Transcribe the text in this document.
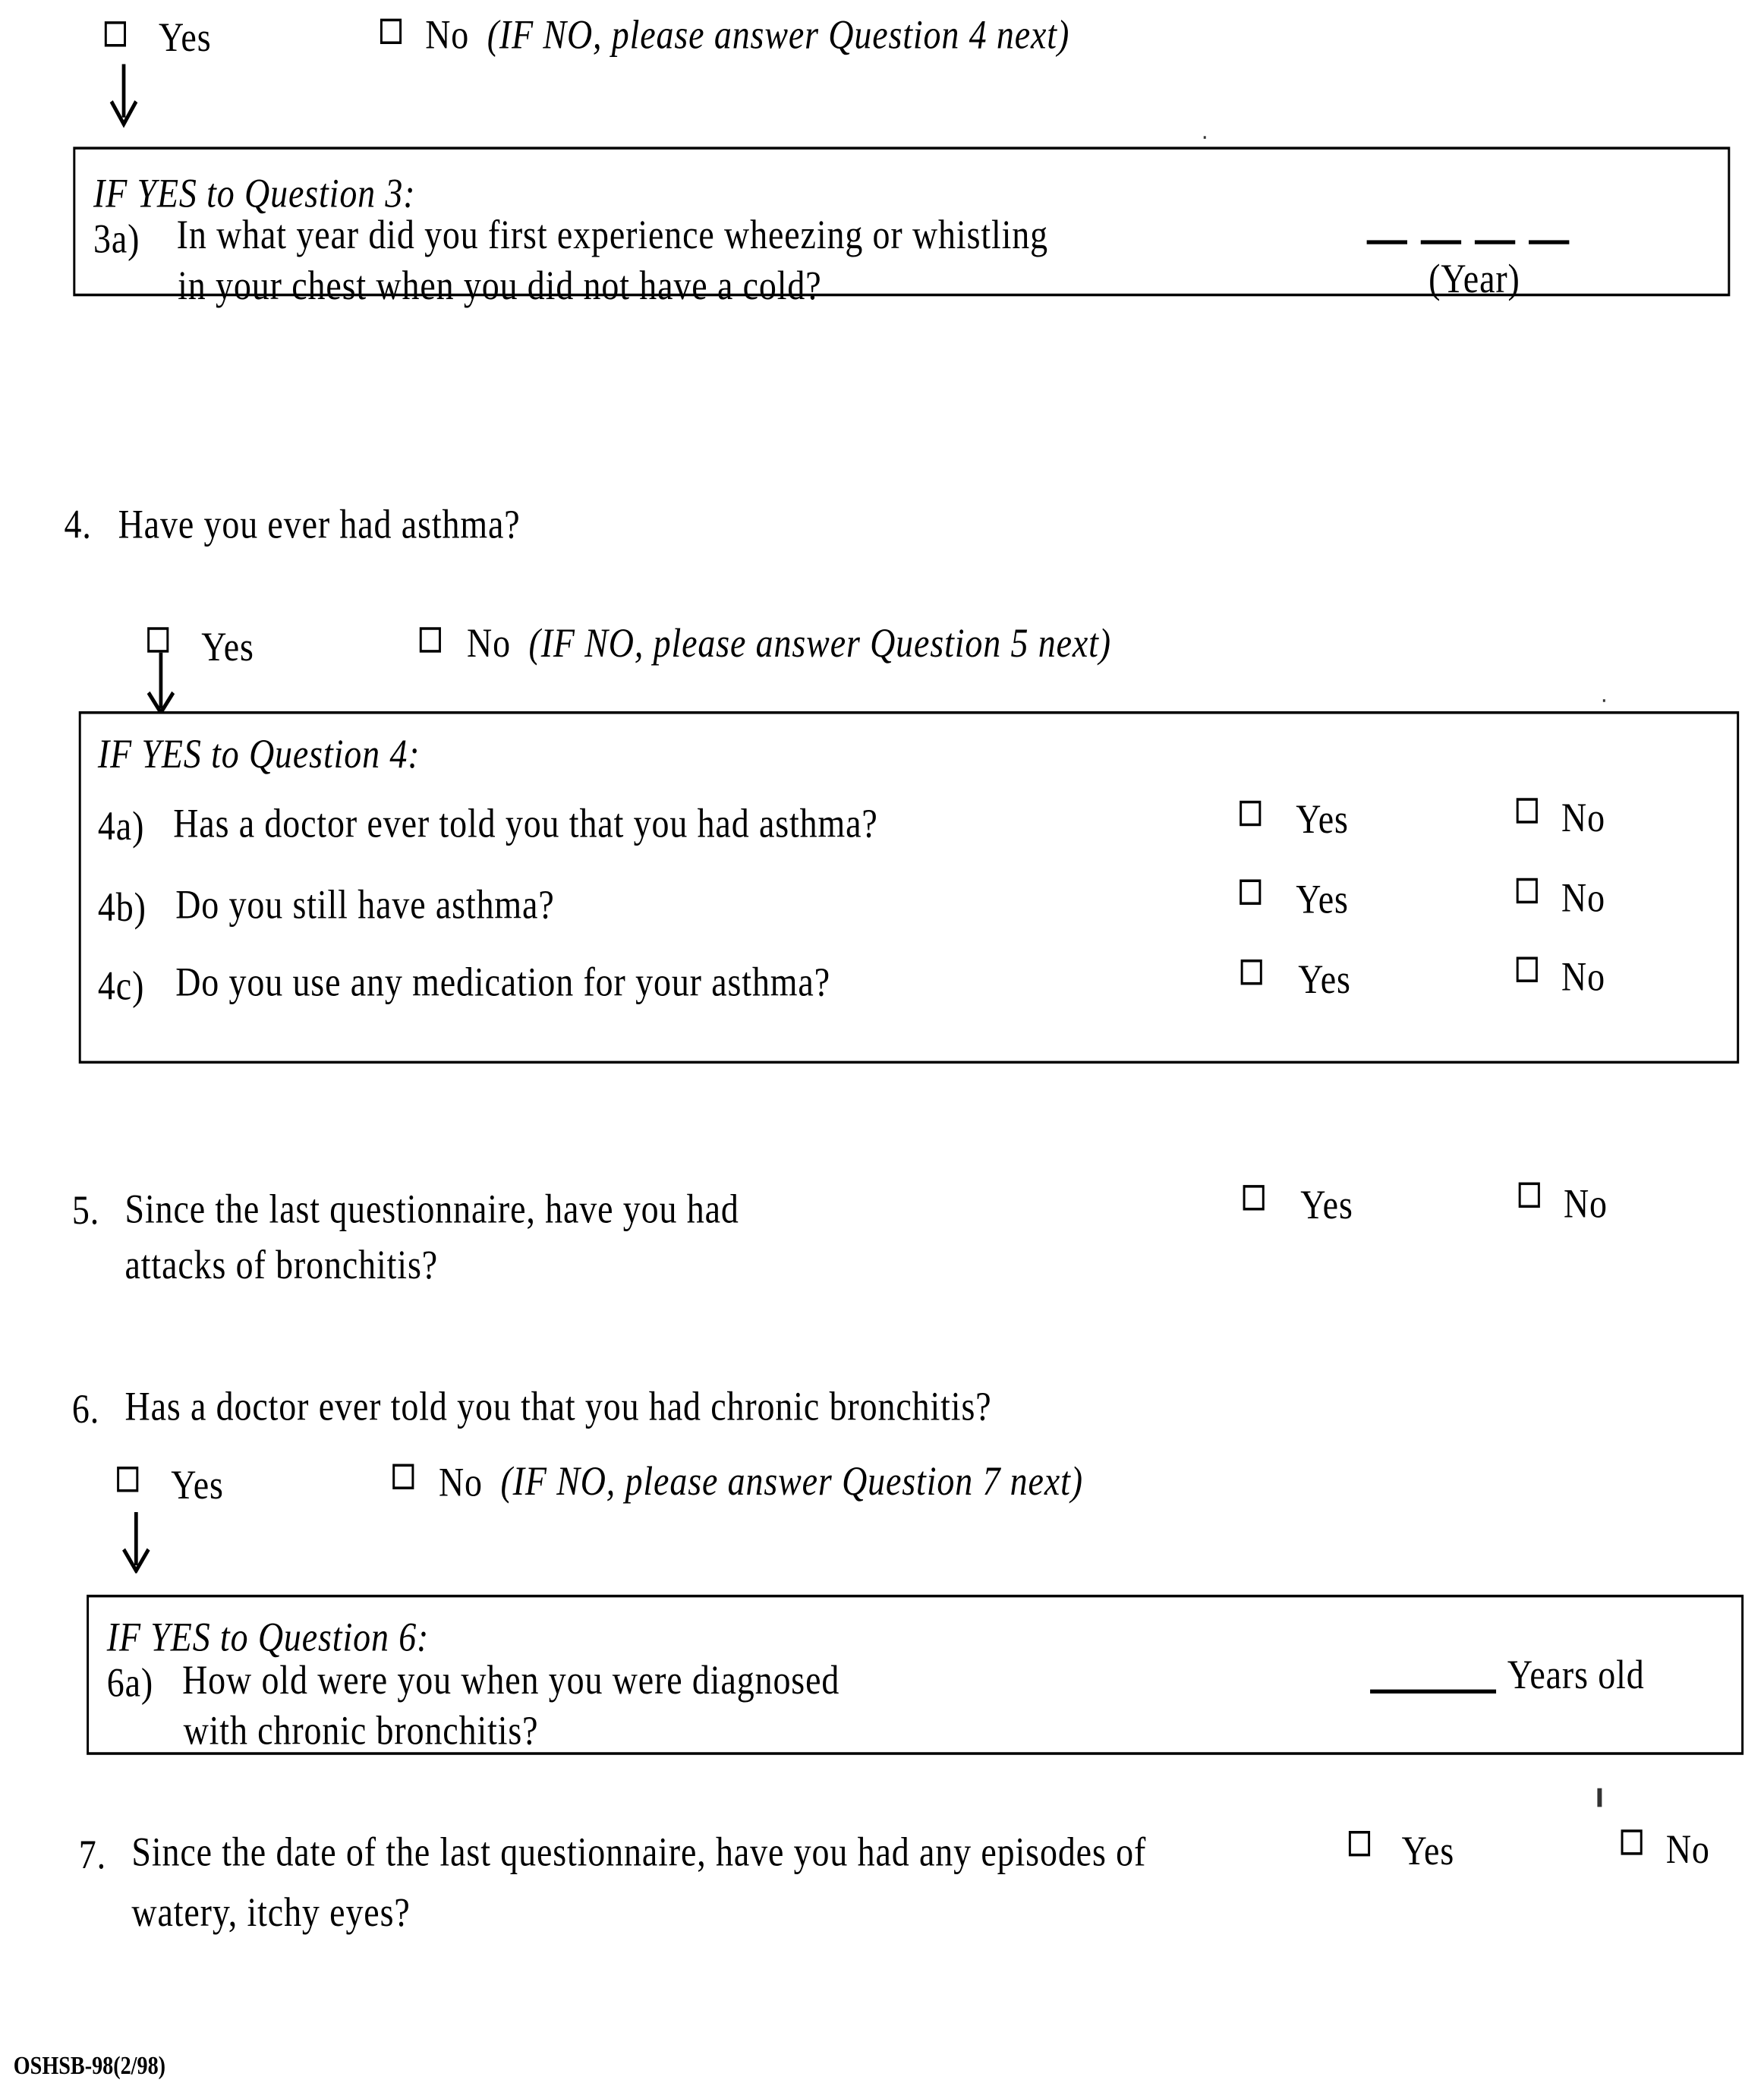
Yes	No (IF NO, please answer Question 4 next)
IF YES to Question 3:
3a) In what year did you first experience wheezing or whistling
in your chest when you did not have a cold?	(Year)
4. Have you ever had asthma?
Yes	No (IF NO, please answer Question 5 next)
IF YES to Question 4:
4a) Has a doctor ever told you that you had asthma?	Yes	No
4b) Do you still have asthma?	Yes	No
4c) Do you use any medication for your asthma?	Yes	No
5. Since the last questionnaire, have you had
attacks of bronchitis?
Yes	No
6. Has a doctor ever told you that you had chronic bronchitis?
Yes	No (IF NO, please answer Question 7 next)
IF YES to Question 6:
6a) How old were you when you were diagnosed
with chronic bronchitis?
Years old
7. Since the date of the last questionnaire, have you had any episodes of
watery, itchy eyes?
Yes	No
OSHSB-98(2/98)
